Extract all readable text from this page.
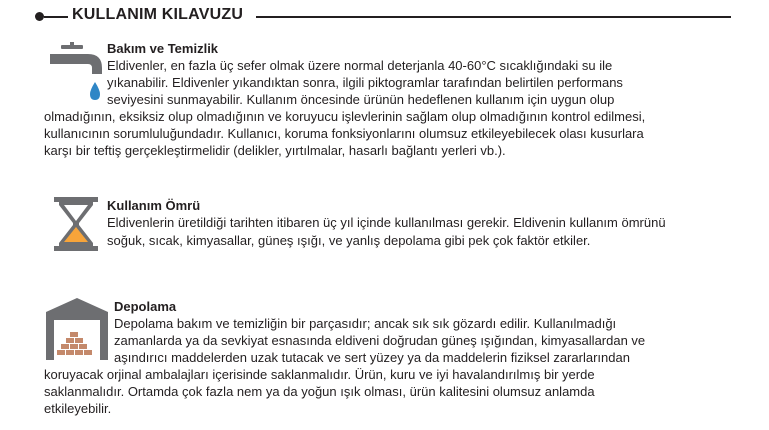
KULLANIM KILAVUZU
Bakım ve Temizlik
Eldivenler, en fazla üç sefer olmak üzere normal deterjanla 40-60°C sıcaklığındaki su ile
yıkanabilir. Eldivenler yıkandıktan sonra, ilgili piktogramlar tarafından belirtilen performans
seviyesini sunmayabilir. Kullanım öncesinde ürünün hedeflenen kullanım için uygun olup
olmadığının, eksiksiz olup olmadığının ve koruyucu işlevlerinin sağlam olup olmadığının kontrol edilmesi,
kullanıcının sorumluluğundadır. Kullanıcı, koruma fonksiyonlarını olumsuz etkileyebilecek olası kusurlara
karşı bir teftiş gerçekleştirmelidir (delikler, yırtılmalar, hasarlı bağlantı yerleri vb.).
Kullanım Ömrü
Eldivenlerin üretildiği tarihten itibaren üç yıl içinde kullanılması gerekir. Eldivenin kullanım ömrünü
soğuk, sıcak, kimyasallar, güneş ışığı, ve yanlış depolama gibi pek çok faktör etkiler.
Depolama
Depolama bakım ve temizliğin bir parçasıdır; ancak sık sık gözardı edilir. Kullanılmadığı
zamanlarda ya da sevkiyat esnasında eldiveni doğrudan güneş ışığından, kimyasallardan ve
aşındırıcı maddelerden uzak tutacak ve sert yüzey ya da maddelerin fiziksel zararlarından
koruyacak orjinal ambalajları içerisinde saklanmalıdır. Ürün, kuru ve iyi havalandırılmış bir yerde
saklanmalıdır. Ortamda çok fazla nem ya da yoğun ışık olması, ürün kalitesini olumsuz anlamda
etkileyebilir.
